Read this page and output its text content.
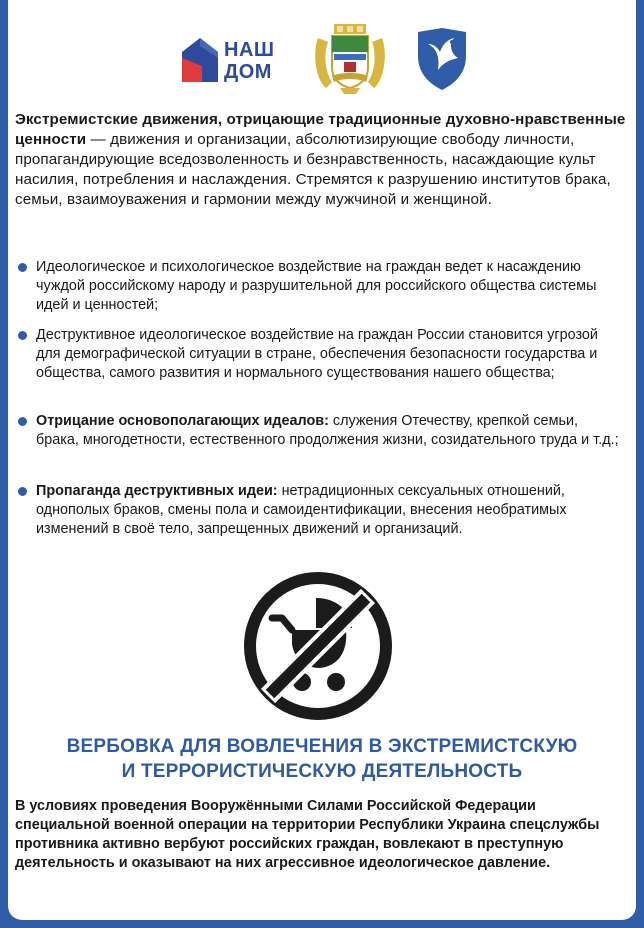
НАШ
ДОМ
Экстремистские движения, отрицающие традиционные духовно-нравственные ценности — движения и организации, абсолютизирующие свободу личности, пропагандирующие вседозволенность и безнравственность, насаждающие культ насилия, потребления и наслаждения. Стремятся к разрушению институтов брака, семьи, взаимоуважения и гармонии между мужчиной и женщиной.
Идеологическое и психологическое воздействие на граждан ведет к насаждению чуждой российскому народу и разрушительной для российского общества системы идей и ценностей;
Деструктивное идеологическое воздействие на граждан России становится угрозой для демографической ситуации в стране, обеспечения безопасности государства и общества, самого развития и нормального существования нашего общества;
Отрицание основополагающих идеалов: служения Отечеству, крепкой семьи, брака, многодетности, естественного продолжения жизни, созидательного труда и т.д.;
Пропаганда деструктивных идеи: нетрадиционных сексуальных отношений, однополых браков, смены пола и самоидентификации, внесения необратимых изменений в своё тело, запрещенных движений и организаций.
ВЕРБОВКА ДЛЯ ВОВЛЕЧЕНИЯ В ЭКСТРЕМИСТСКУЮ
И ТЕРРОРИСТИЧЕСКУЮ ДЕЯТЕЛЬНОСТЬ
В условиях проведения Вооружёнными Силами Российской Федерации специальной военной операции на территории Республики Украина спецслужбы противника активно вербуют российских граждан, вовлекают в преступную деятельность и оказывают на них агрессивное идеологическое давление.
